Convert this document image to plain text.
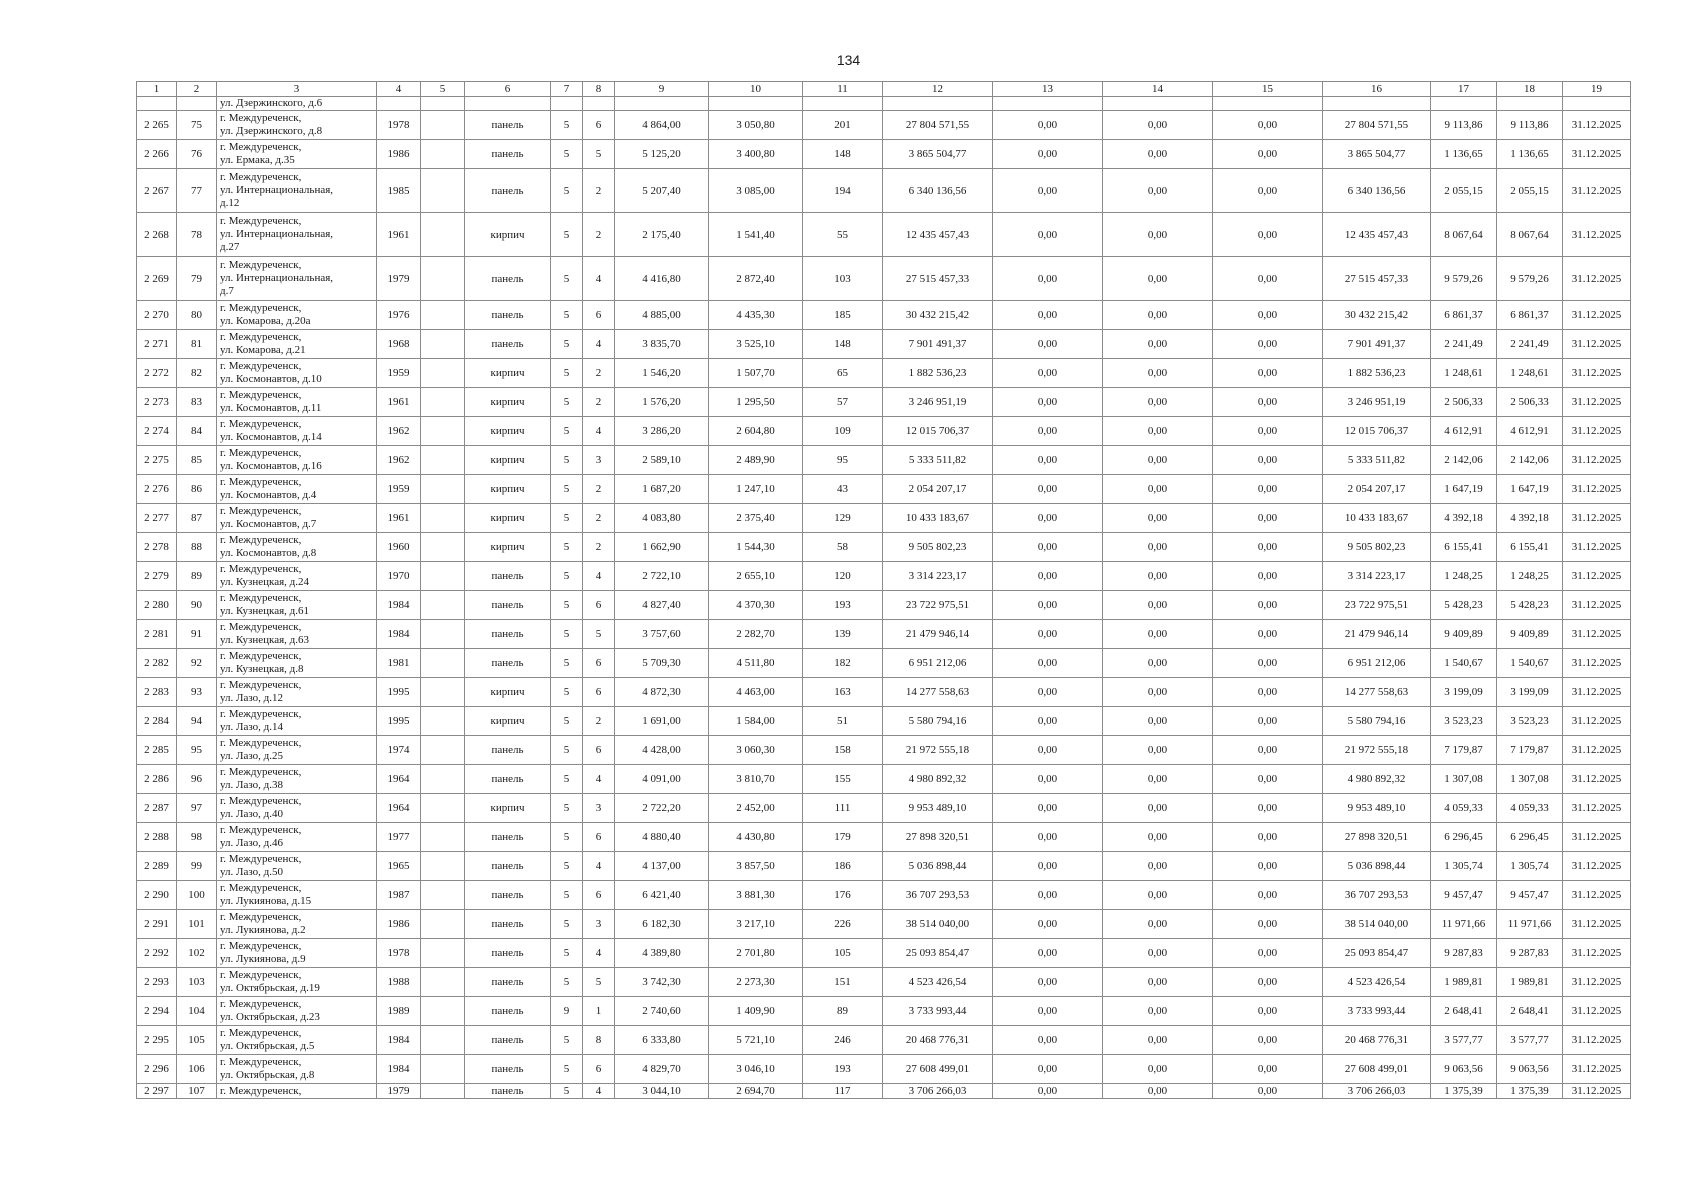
134
1	2	3	4	5	6	7	8	9	10	11	12	13	14	15	16	17	18	19
		ул. Дзержинского, д.6																
2 265	75	г. Междуреченск,
ул. Дзержинского, д.8	1978		панель	5	6	4 864,00	3 050,80	201	27 804 571,55	0,00	0,00	0,00	27 804 571,55	9 113,86	9 113,86	31.12.2025
2 266	76	г. Междуреченск,
ул. Ермака, д.35	1986		панель	5	5	5 125,20	3 400,80	148	3 865 504,77	0,00	0,00	0,00	3 865 504,77	1 136,65	1 136,65	31.12.2025
2 267	77	г. Междуреченск,
ул. Интернациональная,
д.12	1985		панель	5	2	5 207,40	3 085,00	194	6 340 136,56	0,00	0,00	0,00	6 340 136,56	2 055,15	2 055,15	31.12.2025
2 268	78	г. Междуреченск,
ул. Интернациональная,
д.27	1961		кирпич	5	2	2 175,40	1 541,40	55	12 435 457,43	0,00	0,00	0,00	12 435 457,43	8 067,64	8 067,64	31.12.2025
2 269	79	г. Междуреченск,
ул. Интернациональная,
д.7	1979		панель	5	4	4 416,80	2 872,40	103	27 515 457,33	0,00	0,00	0,00	27 515 457,33	9 579,26	9 579,26	31.12.2025
2 270	80	г. Междуреченск,
ул. Комарова, д.20а	1976		панель	5	6	4 885,00	4 435,30	185	30 432 215,42	0,00	0,00	0,00	30 432 215,42	6 861,37	6 861,37	31.12.2025
2 271	81	г. Междуреченск,
ул. Комарова, д.21	1968		панель	5	4	3 835,70	3 525,10	148	7 901 491,37	0,00	0,00	0,00	7 901 491,37	2 241,49	2 241,49	31.12.2025
2 272	82	г. Междуреченск,
ул. Космонавтов, д.10	1959		кирпич	5	2	1 546,20	1 507,70	65	1 882 536,23	0,00	0,00	0,00	1 882 536,23	1 248,61	1 248,61	31.12.2025
2 273	83	г. Междуреченск,
ул. Космонавтов, д.11	1961		кирпич	5	2	1 576,20	1 295,50	57	3 246 951,19	0,00	0,00	0,00	3 246 951,19	2 506,33	2 506,33	31.12.2025
2 274	84	г. Междуреченск,
ул. Космонавтов, д.14	1962		кирпич	5	4	3 286,20	2 604,80	109	12 015 706,37	0,00	0,00	0,00	12 015 706,37	4 612,91	4 612,91	31.12.2025
2 275	85	г. Междуреченск,
ул. Космонавтов, д.16	1962		кирпич	5	3	2 589,10	2 489,90	95	5 333 511,82	0,00	0,00	0,00	5 333 511,82	2 142,06	2 142,06	31.12.2025
2 276	86	г. Междуреченск,
ул. Космонавтов, д.4	1959		кирпич	5	2	1 687,20	1 247,10	43	2 054 207,17	0,00	0,00	0,00	2 054 207,17	1 647,19	1 647,19	31.12.2025
2 277	87	г. Междуреченск,
ул. Космонавтов, д.7	1961		кирпич	5	2	4 083,80	2 375,40	129	10 433 183,67	0,00	0,00	0,00	10 433 183,67	4 392,18	4 392,18	31.12.2025
2 278	88	г. Междуреченск,
ул. Космонавтов, д.8	1960		кирпич	5	2	1 662,90	1 544,30	58	9 505 802,23	0,00	0,00	0,00	9 505 802,23	6 155,41	6 155,41	31.12.2025
2 279	89	г. Междуреченск,
ул. Кузнецкая, д.24	1970		панель	5	4	2 722,10	2 655,10	120	3 314 223,17	0,00	0,00	0,00	3 314 223,17	1 248,25	1 248,25	31.12.2025
2 280	90	г. Междуреченск,
ул. Кузнецкая, д.61	1984		панель	5	6	4 827,40	4 370,30	193	23 722 975,51	0,00	0,00	0,00	23 722 975,51	5 428,23	5 428,23	31.12.2025
2 281	91	г. Междуреченск,
ул. Кузнецкая, д.63	1984		панель	5	5	3 757,60	2 282,70	139	21 479 946,14	0,00	0,00	0,00	21 479 946,14	9 409,89	9 409,89	31.12.2025
2 282	92	г. Междуреченск,
ул. Кузнецкая, д.8	1981		панель	5	6	5 709,30	4 511,80	182	6 951 212,06	0,00	0,00	0,00	6 951 212,06	1 540,67	1 540,67	31.12.2025
2 283	93	г. Междуреченск,
ул. Лазо, д.12	1995		кирпич	5	6	4 872,30	4 463,00	163	14 277 558,63	0,00	0,00	0,00	14 277 558,63	3 199,09	3 199,09	31.12.2025
2 284	94	г. Междуреченск,
ул. Лазо, д.14	1995		кирпич	5	2	1 691,00	1 584,00	51	5 580 794,16	0,00	0,00	0,00	5 580 794,16	3 523,23	3 523,23	31.12.2025
2 285	95	г. Междуреченск,
ул. Лазо, д.25	1974		панель	5	6	4 428,00	3 060,30	158	21 972 555,18	0,00	0,00	0,00	21 972 555,18	7 179,87	7 179,87	31.12.2025
2 286	96	г. Междуреченск,
ул. Лазо, д.38	1964		панель	5	4	4 091,00	3 810,70	155	4 980 892,32	0,00	0,00	0,00	4 980 892,32	1 307,08	1 307,08	31.12.2025
2 287	97	г. Междуреченск,
ул. Лазо, д.40	1964		кирпич	5	3	2 722,20	2 452,00	111	9 953 489,10	0,00	0,00	0,00	9 953 489,10	4 059,33	4 059,33	31.12.2025
2 288	98	г. Междуреченск,
ул. Лазо, д.46	1977		панель	5	6	4 880,40	4 430,80	179	27 898 320,51	0,00	0,00	0,00	27 898 320,51	6 296,45	6 296,45	31.12.2025
2 289	99	г. Междуреченск,
ул. Лазо, д.50	1965		панель	5	4	4 137,00	3 857,50	186	5 036 898,44	0,00	0,00	0,00	5 036 898,44	1 305,74	1 305,74	31.12.2025
2 290	100	г. Междуреченск,
ул. Лукиянова, д.15	1987		панель	5	6	6 421,40	3 881,30	176	36 707 293,53	0,00	0,00	0,00	36 707 293,53	9 457,47	9 457,47	31.12.2025
2 291	101	г. Междуреченск,
ул. Лукиянова, д.2	1986		панель	5	3	6 182,30	3 217,10	226	38 514 040,00	0,00	0,00	0,00	38 514 040,00	11 971,66	11 971,66	31.12.2025
2 292	102	г. Междуреченск,
ул. Лукиянова, д.9	1978		панель	5	4	4 389,80	2 701,80	105	25 093 854,47	0,00	0,00	0,00	25 093 854,47	9 287,83	9 287,83	31.12.2025
2 293	103	г. Междуреченск,
ул. Октябрьская, д.19	1988		панель	5	5	3 742,30	2 273,30	151	4 523 426,54	0,00	0,00	0,00	4 523 426,54	1 989,81	1 989,81	31.12.2025
2 294	104	г. Междуреченск,
ул. Октябрьская, д.23	1989		панель	9	1	2 740,60	1 409,90	89	3 733 993,44	0,00	0,00	0,00	3 733 993,44	2 648,41	2 648,41	31.12.2025
2 295	105	г. Междуреченск,
ул. Октябрьская, д.5	1984		панель	5	8	6 333,80	5 721,10	246	20 468 776,31	0,00	0,00	0,00	20 468 776,31	3 577,77	3 577,77	31.12.2025
2 296	106	г. Междуреченск,
ул. Октябрьская, д.8	1984		панель	5	6	4 829,70	3 046,10	193	27 608 499,01	0,00	0,00	0,00	27 608 499,01	9 063,56	9 063,56	31.12.2025
2 297	107	г. Междуреченск,	1979		панель	5	4	3 044,10	2 694,70	117	3 706 266,03	0,00	0,00	0,00	3 706 266,03	1 375,39	1 375,39	31.12.2025
